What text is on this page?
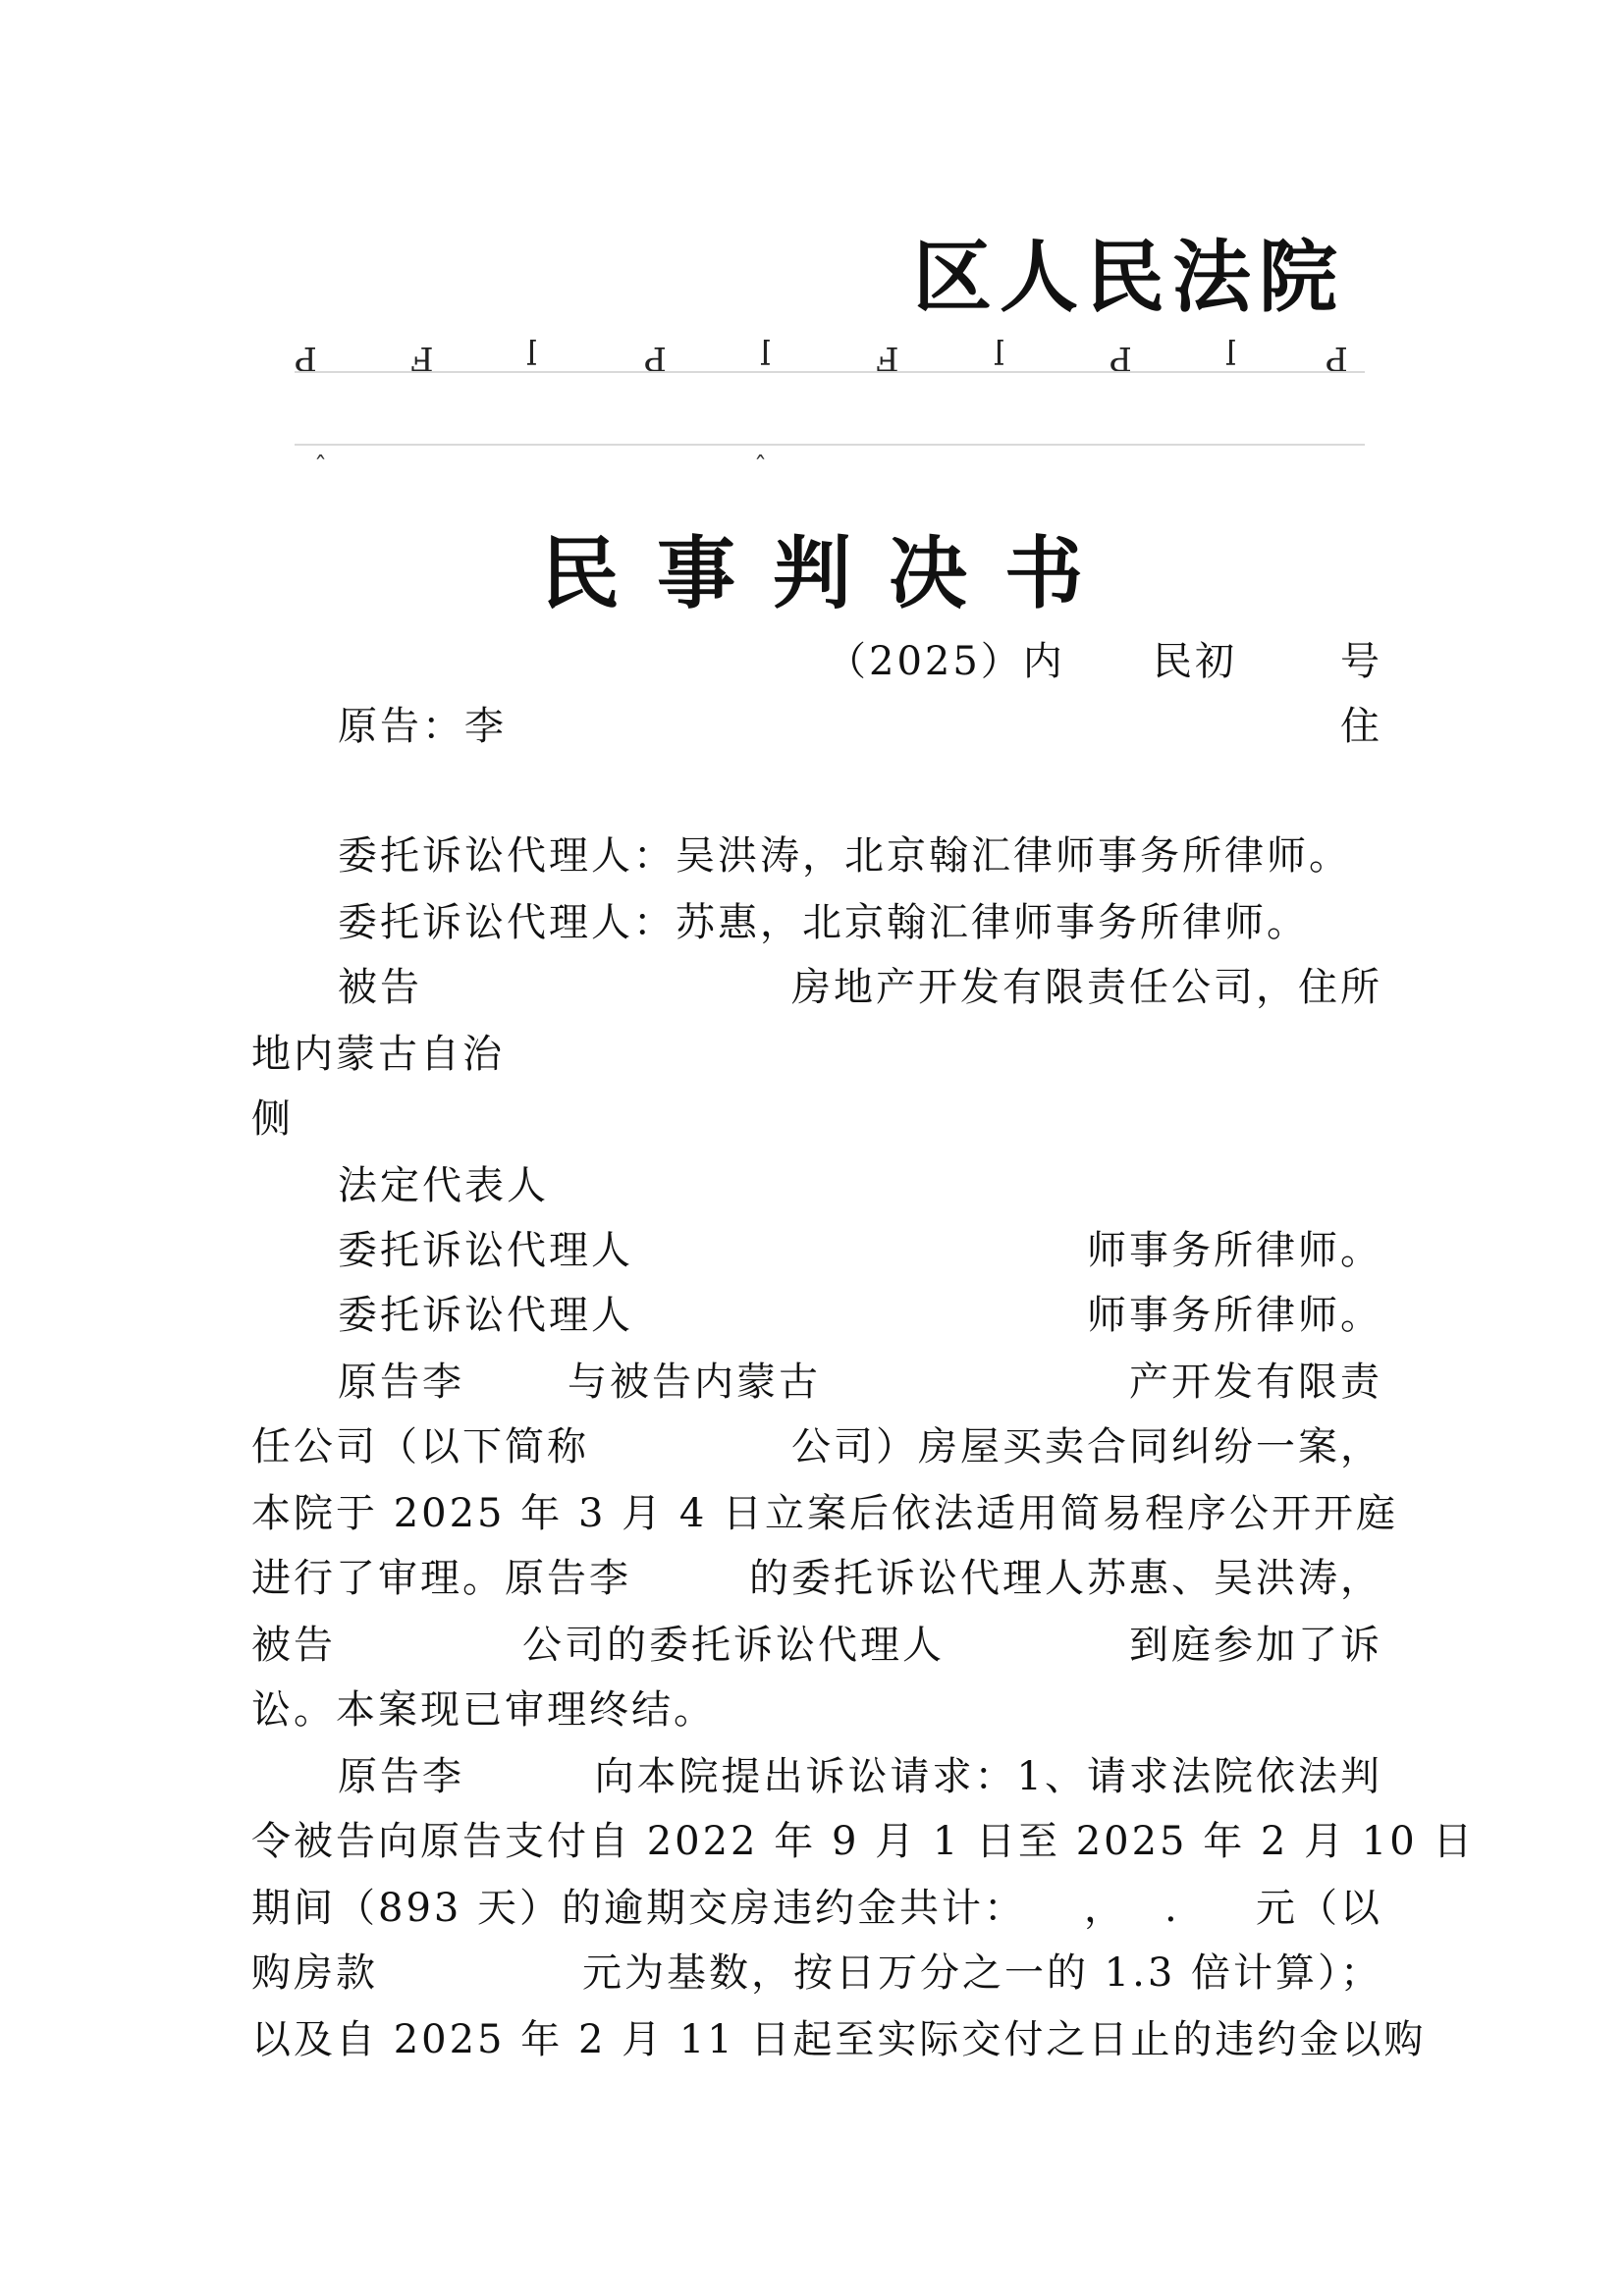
区人民法院
ꟼ	ꟻ	ꞁ	ꟼ	ꞁ	ꟻ	ꞁ	ꟼ	ꞁ	ꟼ
ˇ	ˇ
民事判决书
（2025）内 民初	号
原告：李	住
委托诉讼代理人：吴洪涛，北京翰汇律师事务所律师。
委托诉讼代理人：苏惠，北京翰汇律师事务所律师。
被告	房地产开发有限责任公司，住所
地内蒙古自治
侧
法定代表人
委托诉讼代理人	师事务所律师。
委托诉讼代理人	师事务所律师。
原告李	与被告内蒙古	产开发有限责
任公司（以下简称	公司）房屋买卖合同纠纷一案，
本院于 2025 年 3 月 4 日立案后依法适用简易程序公开开庭
进行了审理。原告李	的委托诉讼代理人苏惠、吴洪涛，
被告	公司的委托诉讼代理人	到庭参加了诉
讼。本案现已审理终结。
原告李	向本院提出诉讼请求：1、请求法院依法判
令被告向原告支付自 2022 年 9 月 1 日至 2025 年 2 月 10 日
期间（893 天）的逾期交房违约金共计： ， . 元（以
购房款	元为基数，按日万分之一的 1.3 倍计算）；
以及自 2025 年 2 月 11 日起至实际交付之日止的违约金以购
